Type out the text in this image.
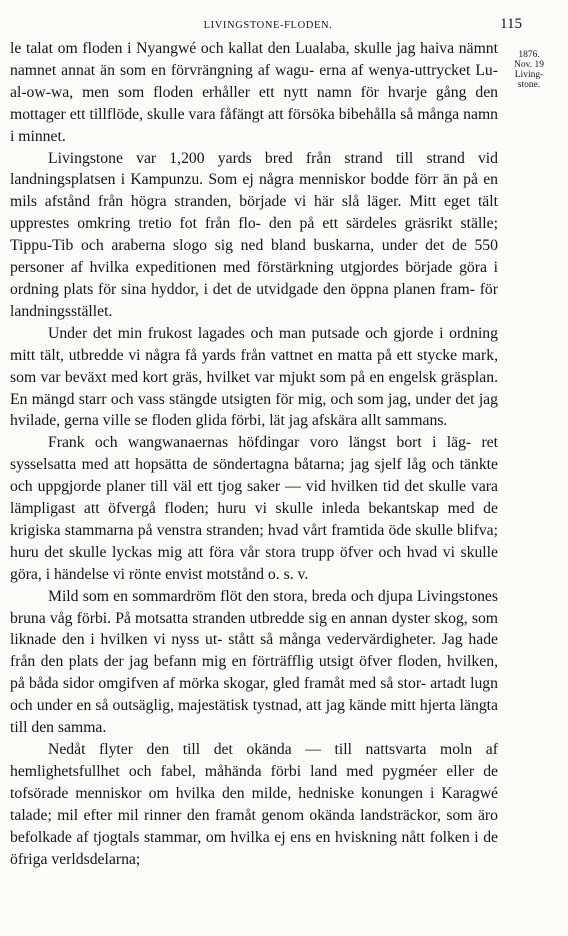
LIVINGSTONE-FLODEN.	115
1876.
Nov. 19
Living-
stone.

le talat om floden i Nyangwé och kallat den Lualaba, skulle jag haiva nämnt namnet annat än som en förvrängning af wagu- erna af wenya-uttrycket Lu-al-ow-wa, men som floden erhåller ett nytt namn för hvarje gång den mottager ett tillflöde, skulle vara fåfängt att försöka bibehålla så många namn i minnet.

Livingstone var 1,200 yards bred från strand till strand vid landningsplatsen i Kampunzu. Som ej några menniskor bodde förr än på en mils afstånd från högra stranden, började vi här slå läger. Mitt eget tält upprestes omkring tretio fot från flo- den på ett särdeles gräsrikt ställe; Tippu-Tib och araberna slogo sig ned bland buskarna, under det de 550 personer af hvilka expeditionen med förstärkning utgjordes började göra i ordning plats för sina hyddor, i det de utvidgade den öppna planen fram- för landningsstället.

Under det min frukost lagades och man putsade och gjorde i ordning mitt tält, utbredde vi några få yards från vattnet en matta på ett stycke mark, som var beväxt med kort gräs, hvilket var mjukt som på en engelsk gräsplan. En mängd starr och vass stängde utsigten för mig, och som jag, under det jag hvilade, gerna ville se floden glida förbi, lät jag afskära allt sammans.

Frank och wangwanaernas höfdingar voro längst bort i läg- ret sysselsatta med att hopsätta de söndertagna båtarna; jag sjelf låg och tänkte och uppgjorde planer till väl ett tjog saker — vid hvilken tid det skulle vara lämpligast att öfvergå floden; huru vi skulle inleda bekantskap med de krigiska stammarna på venstra stranden; hvad vårt framtida öde skulle blifva; huru det skulle lyckas mig att föra vår stora trupp öfver och hvad vi skulle göra, i händelse vi rönte envist motstånd o. s. v.

Mild som en sommardröm flöt den stora, breda och djupa Livingstones bruna våg förbi. På motsatta stranden utbredde sig en annan dyster skog, som liknade den i hvilken vi nyss ut- stått så många vedervärdigheter. Jag hade från den plats der jag befann mig en förträfflig utsigt öfver floden, hvilken, på båda sidor omgifven af mörka skogar, gled framåt med så stor- artadt lugn och under en så outsäglig, majestätisk tystnad, att jag kände mitt hjerta längta till den samma.

Nedåt flyter den till det okända — till nattsvarta moln af hemlighetsfullhet och fabel, måhända förbi land med pygméer eller de tofsörade menniskor om hvilka den milde, hedniske konungen i Karagwé talade; mil efter mil rinner den framåt genom okända landsträckor, som äro befolkade af tjogtals stammar, om hvilka ej ens en hviskning nått folken i de öfriga verldsdelarna;
